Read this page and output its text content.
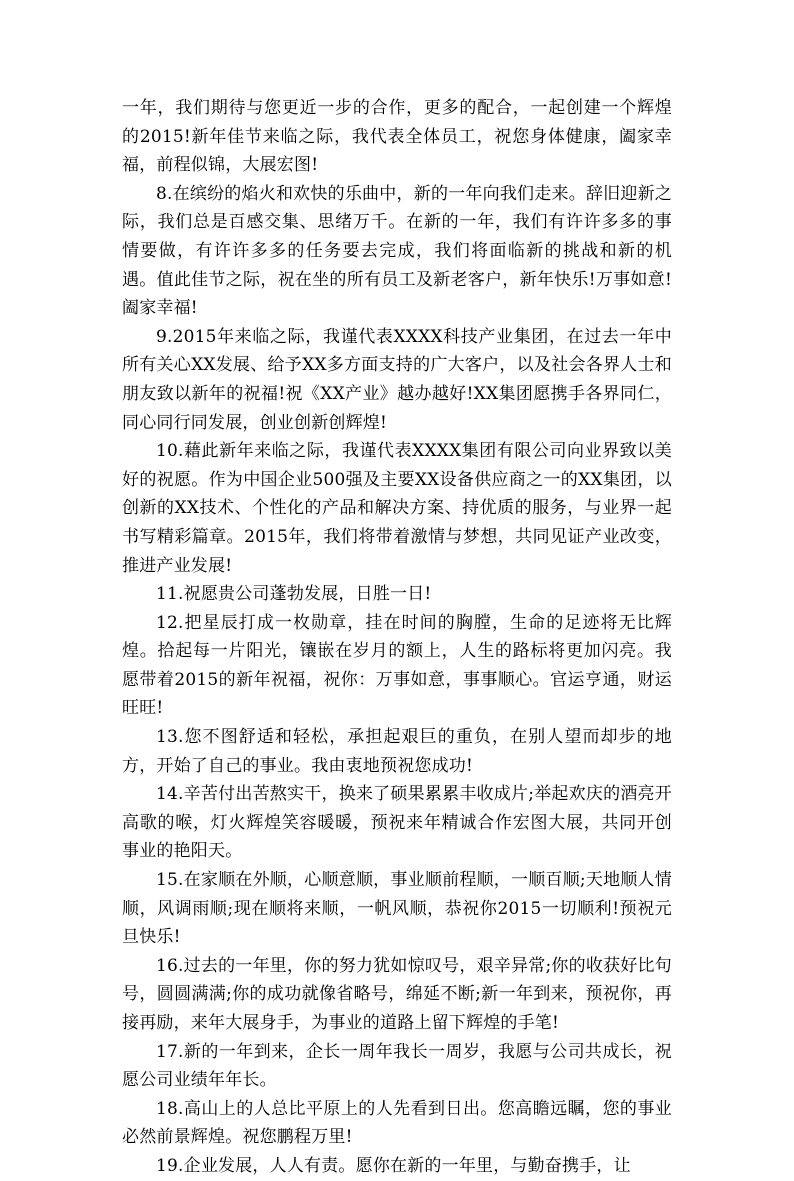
一年，我们期待与您更近一步的合作，更多的配合，一起创建一个辉煌的2015!新年佳节来临之际，我代表全体员工，祝您身体健康，阖家幸福，前程似锦，大展宏图!

8.在缤纷的焰火和欢快的乐曲中，新的一年向我们走来。辞旧迎新之际，我们总是百感交集、思绪万千。在新的一年，我们有许许多多的事情要做，有许许多多的任务要去完成，我们将面临新的挑战和新的机遇。值此佳节之际，祝在坐的所有员工及新老客户，新年快乐!万事如意!阖家幸福!

9.2015年来临之际，我谨代表XXXX科技产业集团，在过去一年中所有关心XX发展、给予XX多方面支持的广大客户，以及社会各界人士和朋友致以新年的祝福!祝《XX产业》越办越好!XX集团愿携手各界同仁，同心同行同发展，创业创新创辉煌!

10.藉此新年来临之际，我谨代表XXXX集团有限公司向业界致以美好的祝愿。作为中国企业500强及主要XX设备供应商之一的XX集团，以创新的XX技术、个性化的产品和解决方案、持优质的服务，与业界一起书写精彩篇章。2015年，我们将带着激情与梦想，共同见证产业改变，推进产业发展!

11.祝愿贵公司蓬勃发展，日胜一日!

12.把星辰打成一枚勋章，挂在时间的胸膛，生命的足迹将无比辉煌。拾起每一片阳光，镶嵌在岁月的额上，人生的路标将更加闪亮。我愿带着2015的新年祝福，祝你：万事如意，事事顺心。官运亨通，财运旺旺!

13.您不图舒适和轻松，承担起艰巨的重负，在别人望而却步的地方，开始了自己的事业。我由衷地预祝您成功!

14.辛苦付出苦熬实干，换来了硕果累累丰收成片;举起欢庆的酒亮开高歌的喉，灯火辉煌笑容暖暖，预祝来年精诚合作宏图大展，共同开创事业的艳阳天。

15.在家顺在外顺，心顺意顺，事业顺前程顺，一顺百顺;天地顺人情顺，风调雨顺;现在顺将来顺，一帆风顺，恭祝你2015一切顺利!预祝元旦快乐!

16.过去的一年里，你的努力犹如惊叹号，艰辛异常;你的收获好比句号，圆圆满满;你的成功就像省略号，绵延不断;新一年到来，预祝你，再接再励，来年大展身手，为事业的道路上留下辉煌的手笔!

17.新的一年到来，企长一周年我长一周岁，我愿与公司共成长，祝愿公司业绩年年长。

18.高山上的人总比平原上的人先看到日出。您高瞻远瞩，您的事业必然前景辉煌。祝您鹏程万里!

19.企业发展，人人有责。愿你在新的一年里，与勤奋携手，让
